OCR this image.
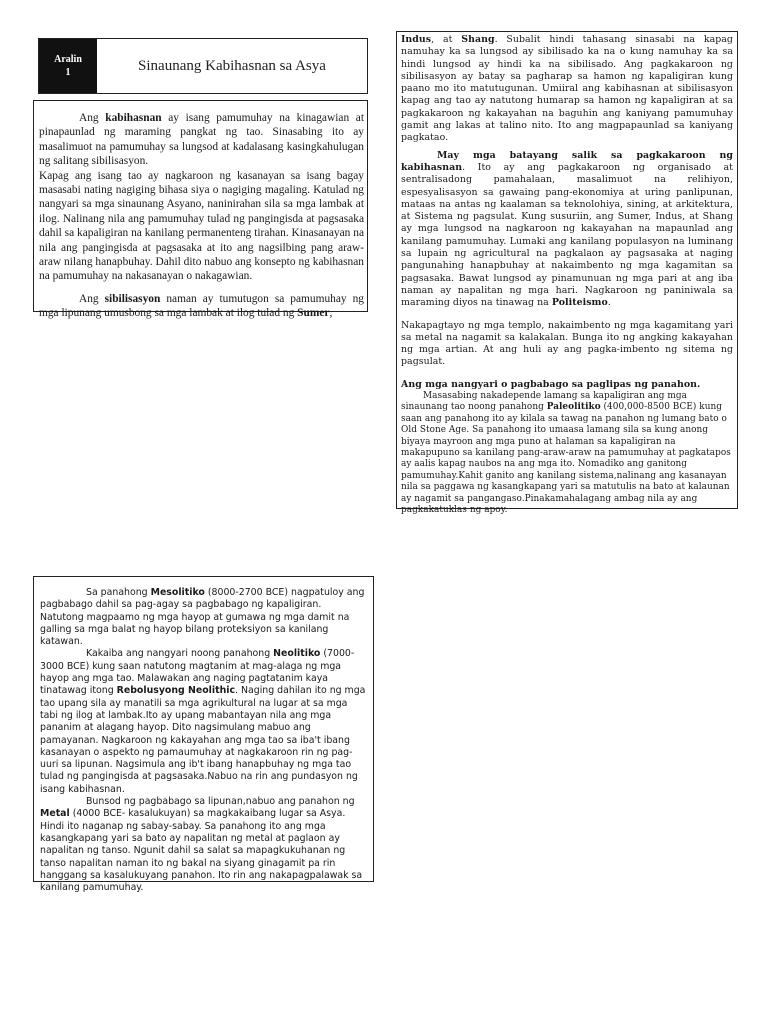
Aralin
1	Sinaunang Kabihasnan sa Asya

Ang kabihasnan ay isang pamumuhay na kinagawian at pinapaunlad ng maraming pangkat ng tao. Sinasabing ito ay masalimuot na pamumuhay sa lungsod at kadalasang kasingkahulugan ng salitang sibilisasyon.

Kapag ang isang tao ay nagkaroon ng kasanayan sa isang bagay masasabi nating nagiging bihasa siya o nagiging magaling. Katulad ng nangyari sa mga sinaunang Asyano, naninirahan sila sa mga lambak at ilog. Nalinang nila ang pamumuhay tulad ng pangingisda at pagsasaka dahil sa kapaligiran na kanilang permanenteng tirahan. Kinasanayan na nila ang pangingisda at pagsasaka at ito ang nagsilbing pang araw-araw nilang hanapbuhay. Dahil dito nabuo ang konsepto ng kabihasnan na pamumuhay na nakasanayan o nakagawian.

Ang sibilisasyon naman ay tumutugon sa pamumuhay ng mga lipunang umusbong sa mga lambak at ilog tulad ng Sumer,

Indus, at Shang. Subalit hindi tahasang sinasabi na kapag namuhay ka sa lungsod ay sibilisado ka na o kung namuhay ka sa hindi lungsod ay hindi ka na sibilisado. Ang pagkakaroon ng sibilisasyon ay batay sa pagharap sa hamon ng kapaligiran kung paano mo ito matutugunan. Umiiral ang kabihasnan at sibilisasyon kapag ang tao ay natutong humarap sa hamon ng kapaligiran at sa pagkakaroon ng kakayahan na baguhin ang kaniyang pamumuhay gamit ang lakas at talino nito. Ito ang magpapaunlad sa kaniyang pagkatao.

May mga batayang salik sa pagkakaroon ng kabihasnan. Ito ay ang pagkakaroon ng organisado at sentralisadong pamahalaan, masalimuot na relihiyon, espesyalisasyon sa gawaing pang-ekonomiya at uring panlipunan, mataas na antas ng kaalaman sa teknolohiya, sining, at arkitektura, at Sistema ng pagsulat. Kung susuriin, ang Sumer, Indus, at Shang ay mga lungsod na nagkaroon ng kakayahan na mapaunlad ang kanilang pamumuhay. Lumaki ang kanilang populasyon na luminang sa lupain ng agricultural na pagkalaon ay pagsasaka at naging pangunahing hanapbuhay at nakaimbento ng mga kagamitan sa pagsasaka. Bawat lungsod ay pinamunuan ng mga pari at ang iba naman ay napalitan ng mga hari. Nagkaroon ng paniniwala sa maraming diyos na tinawag na Politeismo.

Nakapagtayo ng mga templo, nakaimbento ng mga kagamitang yari sa metal na nagamit sa kalakalan. Bunga ito ng angking kakayahan ng mga artian. At ang huli ay ang pagka-imbento ng sitema ng pagsulat.

Ang mga nangyari o pagbabago sa paglipas ng panahon.

Masasabing nakadepende lamang sa kapaligiran ang mga sinaunang tao noong panahong Paleolitiko (400,000-8500 BCE) kung saan ang panahong ito ay kilala sa tawag na panahon ng lumang bato o Old Stone Age. Sa panahong ito umaasa lamang sila sa kung anong biyaya mayroon ang mga puno at halaman sa kapaligiran na makapupuno sa kanilang pang-araw-araw na pamumuhay at pagkatapos ay aalis kapag naubos na ang mga ito. Nomadiko ang ganitong pamumuhay.Kahit ganito ang kanilang sistema,nalinang ang kasanayan nila sa paggawa ng kasangkapang yari sa matutulis na bato at kalaunan ay nagamit sa pangangaso.Pinakamahalagang ambag nila ay ang pagkakatuklas ng apoy.

Sa panahong Mesolitiko (8000-2700 BCE) nagpatuloy ang pagbabago dahil sa pag-agay sa pagbabago ng kapaligiran. Natutong magpaamo ng mga hayop at gumawa ng mga damit na galling sa mga balat ng hayop bilang proteksiyon sa kanilang katawan.

Kakaiba ang nangyari noong panahong Neolitiko (7000-3000 BCE) kung saan natutong magtanim at mag-alaga ng mga hayop ang mga tao. Malawakan ang naging pagtatanim kaya tinatawag itong Rebolusyong Neolithic. Naging dahilan ito ng mga tao upang sila ay manatili sa mga agrikultural na lugar at sa mga tabi ng ilog at lambak.Ito ay upang mabantayan nila ang mga pananim at alagang hayop. Dito nagsimulang mabuo ang pamayanan. Nagkaroon ng kakayahan ang mga tao sa iba't ibang kasanayan o aspekto ng pamaumuhay at nagkakaroon rin ng pag-uuri sa lipunan. Nagsimula ang ib't ibang hanapbuhay ng mga tao tulad ng pangingisda at pagsasaka.Nabuo na rin ang pundasyon ng isang kabihasnan.

Bunsod ng pagbabago sa lipunan,nabuo ang panahon ng Metal (4000 BCE- kasalukuyan) sa magkakaibang lugar sa Asya. Hindi ito naganap ng sabay-sabay. Sa panahong ito ang mga kasangkapang yari sa bato ay napalitan ng metal at paglaon ay napalitan ng tanso. Ngunit dahil sa salat sa mapagkukuhanan ng tanso napalitan naman ito ng bakal na siyang ginagamit pa rin hanggang sa kasalukuyang panahon. Ito rin ang nakapagpalawak sa kanilang pamumuhay.
